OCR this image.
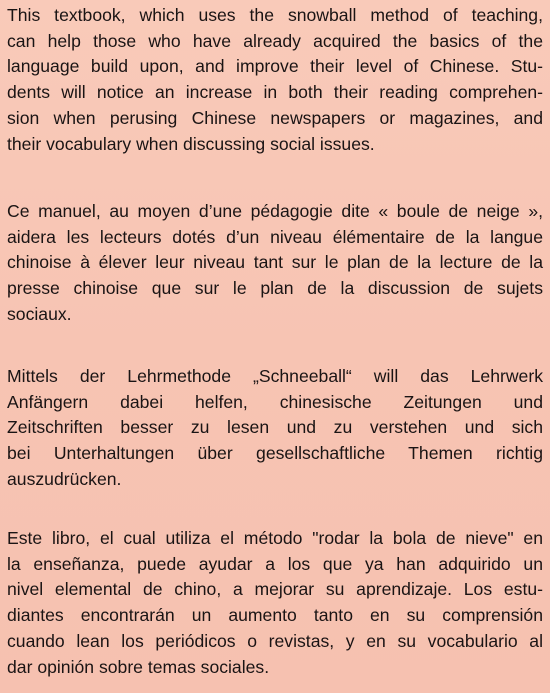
This textbook, which uses the snowball method of teaching,
can help those who have already acquired the basics of the
language build upon, and improve their level of Chinese. Stu-
dents will notice an increase in both their reading comprehen-
sion when perusing Chinese newspapers or magazines, and
their vocabulary when discussing social issues.

Ce manuel, au moyen d’une pédagogie dite « boule de neige »,
aidera les lecteurs dotés d’un niveau élémentaire de la langue
chinoise à élever leur niveau tant sur le plan de la lecture de la
presse chinoise que sur le plan de la discussion de sujets
sociaux.

Mittels der Lehrmethode „Schneeball“ will das Lehrwerk
Anfängern dabei helfen, chinesische Zeitungen und
Zeitschriften besser zu lesen und zu verstehen und sich
bei Unterhaltungen über gesellschaftliche Themen richtig
auszudrücken.

Este libro, el cual utiliza el método "rodar la bola de nieve" en
la enseñanza, puede ayudar a los que ya han adquirido un
nivel elemental de chino, a mejorar su aprendizaje. Los estu-
diantes encontrarán un aumento tanto en su comprensión
cuando lean los periódicos o revistas, y en su vocabulario al
dar opinión sobre temas sociales.
